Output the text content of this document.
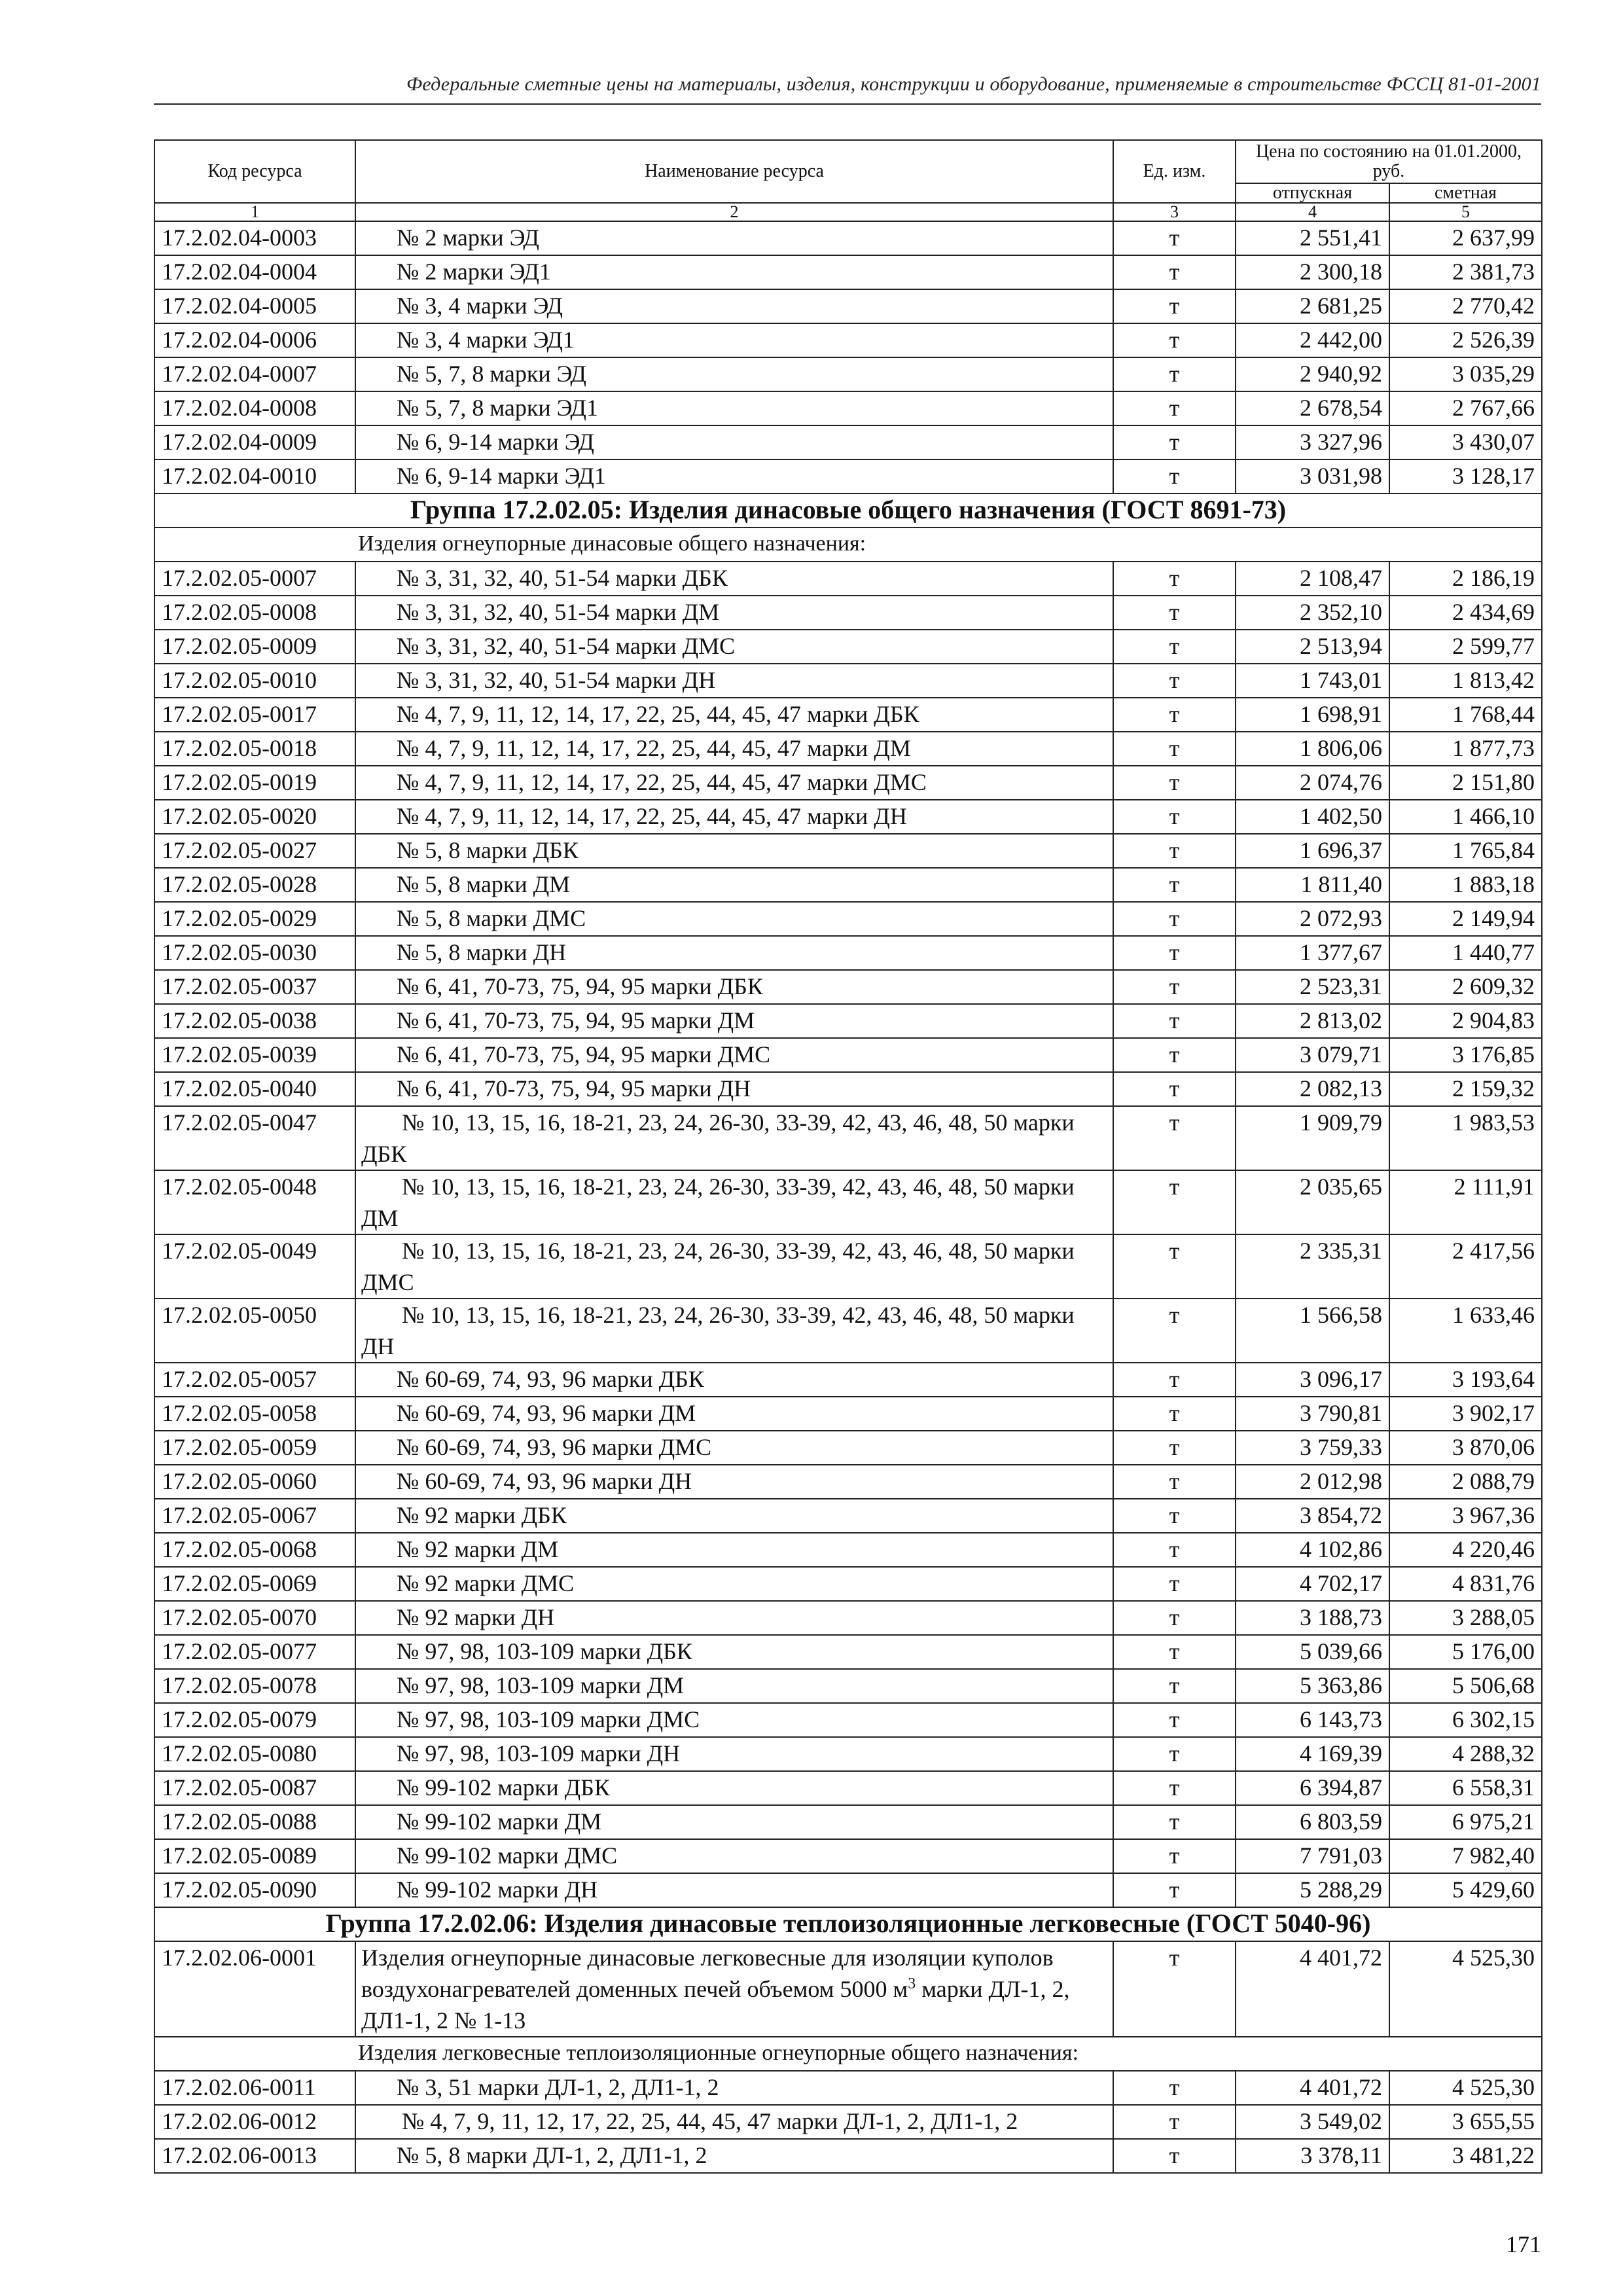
Федеральные сметные цены на материалы, изделия, конструкции и оборудование, применяемые в строительстве ФССЦ 81-01-2001
Код ресурса	Наименование ресурса	Ед. изм.	Цена по состоянию на 01.01.2000, руб.	
			отпускная	сметная
1	2	3	4	5
17.2.02.04-0003	№ 2 марки ЭД	т	2 551,41	2 637,99
17.2.02.04-0004	№ 2 марки ЭД1	т	2 300,18	2 381,73
17.2.02.04-0005	№ 3, 4 марки ЭД	т	2 681,25	2 770,42
17.2.02.04-0006	№ 3, 4 марки ЭД1	т	2 442,00	2 526,39
17.2.02.04-0007	№ 5, 7, 8 марки ЭД	т	2 940,92	3 035,29
17.2.02.04-0008	№ 5, 7, 8 марки ЭД1	т	2 678,54	2 767,66
17.2.02.04-0009	№ 6, 9-14 марки ЭД	т	3 327,96	3 430,07
17.2.02.04-0010	№ 6, 9-14 марки ЭД1	т	3 031,98	3 128,17
Группа 17.2.02.05: Изделия динасовые общего назначения (ГОСТ 8691-73)				
Изделия огнеупорные динасовые общего назначения:				
17.2.02.05-0007	№ 3, 31, 32, 40, 51-54 марки ДБК	т	2 108,47	2 186,19
17.2.02.05-0008	№ 3, 31, 32, 40, 51-54 марки ДМ	т	2 352,10	2 434,69
17.2.02.05-0009	№ 3, 31, 32, 40, 51-54 марки ДМС	т	2 513,94	2 599,77
17.2.02.05-0010	№ 3, 31, 32, 40, 51-54 марки ДН	т	1 743,01	1 813,42
17.2.02.05-0017	№ 4, 7, 9, 11, 12, 14, 17, 22, 25, 44, 45, 47 марки ДБК	т	1 698,91	1 768,44
17.2.02.05-0018	№ 4, 7, 9, 11, 12, 14, 17, 22, 25, 44, 45, 47 марки ДМ	т	1 806,06	1 877,73
17.2.02.05-0019	№ 4, 7, 9, 11, 12, 14, 17, 22, 25, 44, 45, 47 марки ДМС	т	2 074,76	2 151,80
17.2.02.05-0020	№ 4, 7, 9, 11, 12, 14, 17, 22, 25, 44, 45, 47 марки ДН	т	1 402,50	1 466,10
17.2.02.05-0027	№ 5, 8 марки ДБК	т	1 696,37	1 765,84
17.2.02.05-0028	№ 5, 8 марки ДМ	т	1 811,40	1 883,18
17.2.02.05-0029	№ 5, 8 марки ДМС	т	2 072,93	2 149,94
17.2.02.05-0030	№ 5, 8 марки ДН	т	1 377,67	1 440,77
17.2.02.05-0037	№ 6, 41, 70-73, 75, 94, 95 марки ДБК	т	2 523,31	2 609,32
17.2.02.05-0038	№ 6, 41, 70-73, 75, 94, 95 марки ДМ	т	2 813,02	2 904,83
17.2.02.05-0039	№ 6, 41, 70-73, 75, 94, 95 марки ДМС	т	3 079,71	3 176,85
17.2.02.05-0040	№ 6, 41, 70-73, 75, 94, 95 марки ДН	т	2 082,13	2 159,32
17.2.02.05-0047	№ 10, 13, 15, 16, 18-21, 23, 24, 26-30, 33-39, 42, 43, 46, 48, 50 марки ДБК	т	1 909,79	1 983,53
17.2.02.05-0048	№ 10, 13, 15, 16, 18-21, 23, 24, 26-30, 33-39, 42, 43, 46, 48, 50 марки ДМ	т	2 035,65	2 111,91
17.2.02.05-0049	№ 10, 13, 15, 16, 18-21, 23, 24, 26-30, 33-39, 42, 43, 46, 48, 50 марки ДМС	т	2 335,31	2 417,56
17.2.02.05-0050	№ 10, 13, 15, 16, 18-21, 23, 24, 26-30, 33-39, 42, 43, 46, 48, 50 марки ДН	т	1 566,58	1 633,46
17.2.02.05-0057	№ 60-69, 74, 93, 96 марки ДБК	т	3 096,17	3 193,64
17.2.02.05-0058	№ 60-69, 74, 93, 96 марки ДМ	т	3 790,81	3 902,17
17.2.02.05-0059	№ 60-69, 74, 93, 96 марки ДМС	т	3 759,33	3 870,06
17.2.02.05-0060	№ 60-69, 74, 93, 96 марки ДН	т	2 012,98	2 088,79
17.2.02.05-0067	№ 92 марки ДБК	т	3 854,72	3 967,36
17.2.02.05-0068	№ 92 марки ДМ	т	4 102,86	4 220,46
17.2.02.05-0069	№ 92 марки ДМС	т	4 702,17	4 831,76
17.2.02.05-0070	№ 92 марки ДН	т	3 188,73	3 288,05
17.2.02.05-0077	№ 97, 98, 103-109 марки ДБК	т	5 039,66	5 176,00
17.2.02.05-0078	№ 97, 98, 103-109 марки ДМ	т	5 363,86	5 506,68
17.2.02.05-0079	№ 97, 98, 103-109 марки ДМС	т	6 143,73	6 302,15
17.2.02.05-0080	№ 97, 98, 103-109 марки ДН	т	4 169,39	4 288,32
17.2.02.05-0087	№ 99-102 марки ДБК	т	6 394,87	6 558,31
17.2.02.05-0088	№ 99-102 марки ДМ	т	6 803,59	6 975,21
17.2.02.05-0089	№ 99-102 марки ДМС	т	7 791,03	7 982,40
17.2.02.05-0090	№ 99-102 марки ДН	т	5 288,29	5 429,60
Группа 17.2.02.06: Изделия динасовые теплоизоляционные легковесные (ГОСТ 5040-96)				
17.2.02.06-0001	Изделия огнеупорные динасовые легковесные для изоляции куполов воздухонагревателей доменных печей объемом 5000 $м^3$ марки ДЛ-1, 2, ДЛ1-1, 2 № 1-13	т	4 401,72	4 525,30
Изделия легковесные теплоизоляционные огнеупорные общего назначения:				
17.2.02.06-0011	№ 3, 51 марки ДЛ-1, 2, ДЛ1-1, 2	т	4 401,72	4 525,30
17.2.02.06-0012	№ 4, 7, 9, 11, 12, 17, 22, 25, 44, 45, 47 марки ДЛ-1, 2, ДЛ1-1, 2	т	3 549,02	3 655,55
17.2.02.06-0013	№ 5, 8 марки ДЛ-1, 2, ДЛ1-1, 2	т	3 378,11	3 481,22
171
